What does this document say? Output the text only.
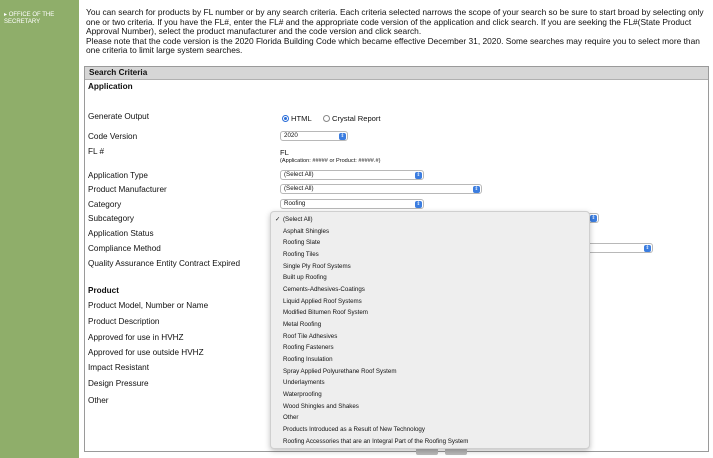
▸ OFFICE OF THE SECRETARY

You can search for products by FL number or by any search criteria. Each criteria selected narrows the scope of your search so be sure to start broad by selecting only one or two criteria. If you have the FL#, enter the FL# and the appropriate code version of the application and click search. If you are seeking the FL#(State Product Approval Number), select the product manufacturer and the code version and click search.

Please note that the code version is the 2020 Florida Building Code which became effective December 31, 2020. Some searches may require you to select more than one criteria to limit large system searches.

Search Criteria
Application
Generate Output	HTML	Crystal Report
Code Version	2020	⇕
FL #	FL
(Application: ##### or Product: #####.#)
Application Type	(Select All)	⇕
Product Manufacturer	(Select All)	⇕
Category	Roofing	⇕
Subcategory	⇕
Application Status
Compliance Method	⇕
Quality Assurance Entity Contract Expired
Product
Product Model, Number or Name
Product Description
Approved for use in HVHZ
Approved for use outside HVHZ
Impact Resistant
Design Pressure
Other
✓ (Select All)
Asphalt Shingles
Roofing Slate
Roofing Tiles
Single Ply Roof Systems
Built up Roofing
Cements-Adhesives-Coatings
Liquid Applied Roof Systems
Modified Bitumen Roof System
Metal Roofing
Roof Tile Adhesives
Roofing Fasteners
Roofing Insulation
Spray Applied Polyurethane Roof System
Underlayments
Waterproofing
Wood Shingles and Shakes
Other
Products Introduced as a Result of New Technology
Roofing Accessories that are an Integral Part of the Roofing System
